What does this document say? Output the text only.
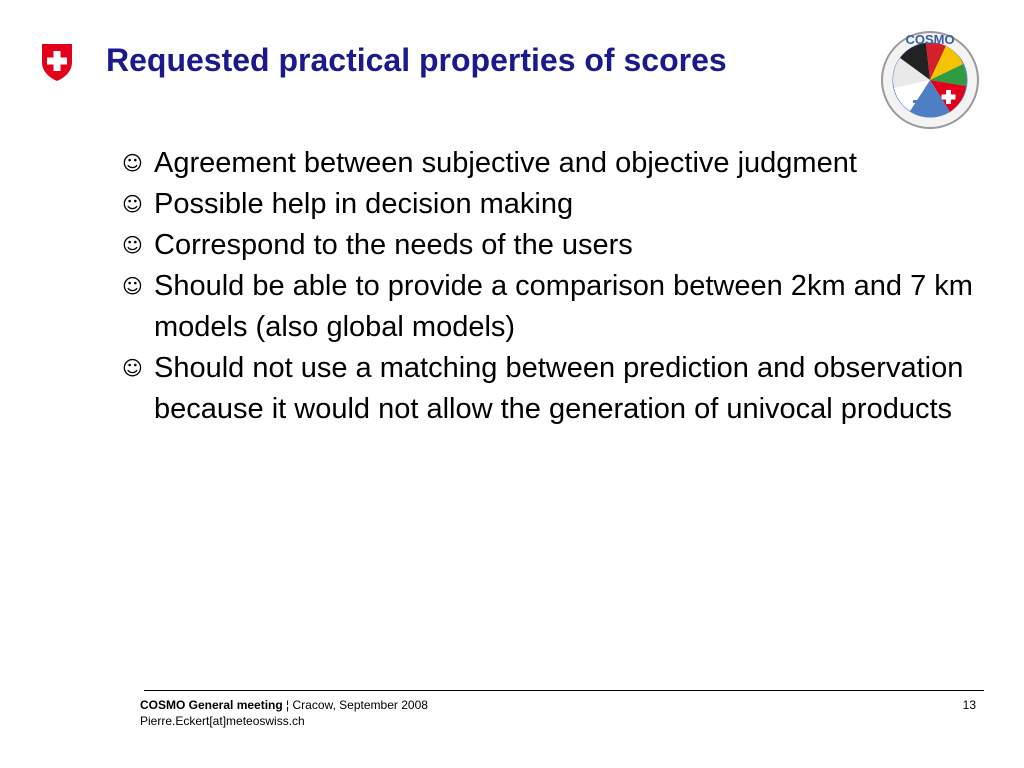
Requested practical properties of scores
COSMO
☺ Agreement between subjective and objective judgment
☺ Possible help in decision making
☺ Correspond to the needs of the users
☺ Should be able to provide a comparison between 2km and 7 km models (also global models)
☺ Should not use a matching between prediction and observation because it would not allow the generation of univocal products
COSMO General meeting ¦ Cracow, September 2008
Pierre.Eckert[at]meteoswiss.ch
13
